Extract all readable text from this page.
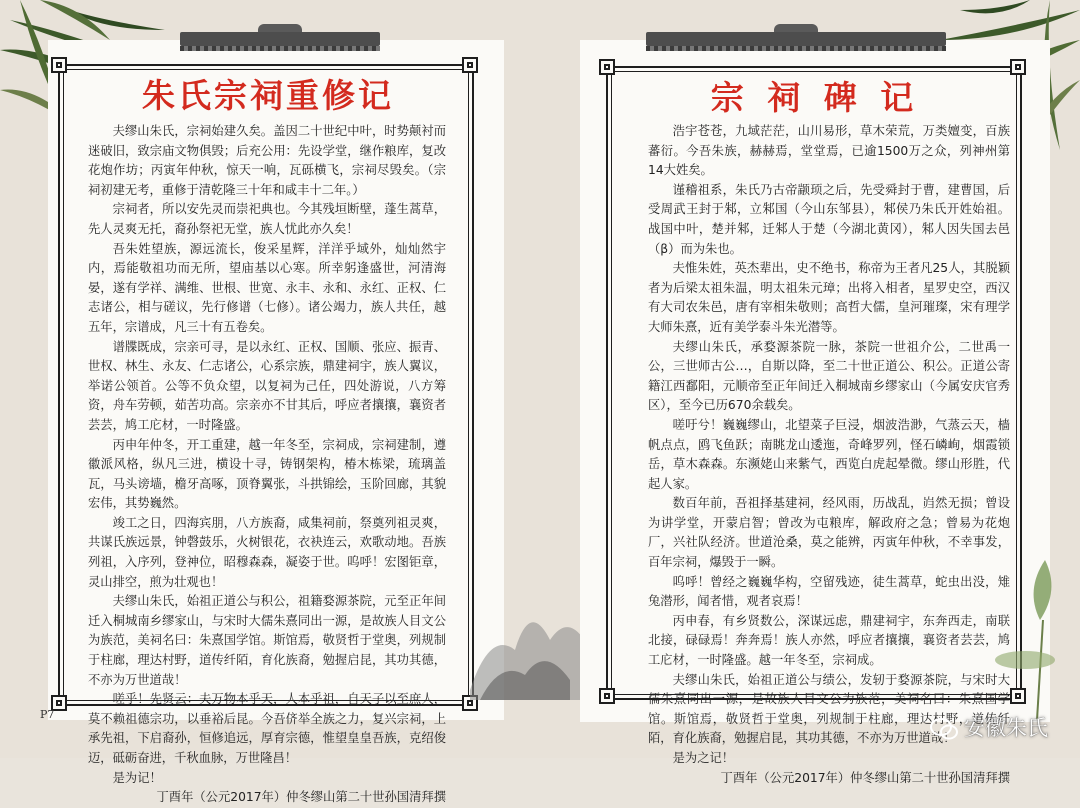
朱氏宗祠重修记

夫缪山朱氏，宗祠始建久矣。盖因二十世纪中叶，时势颠衬而迷破旧，致宗庙文物俱毁；后充公用：先设学堂，继作粮库，复改花炮作坊；丙寅年仲秋，惊天一响，瓦砾横飞，宗祠尽毁矣。（宗祠初建无考，重修于清乾隆三十年和咸丰十二年。）

宗祠者，所以安先灵而崇祀典也。今其残垣断壁，蓬生蒿草，先人灵爽无托，裔孙祭祀无堂，族人忧此亦久矣！

吾朱姓望族，源远流长，俊采星辉，洋洋乎域外，灿灿然宇内，焉能敬祖功而无所，望庙基以心寒。所幸躬逢盛世，河清海晏，遂有学祥、满维、世根、世宽、永丰、永和、永红、正权、仁志诸公，相与磋议，先行修谱（七修）。诸公竭力，族人共任，越五年，宗谱成，凡三十有五卷矣。

谱牒既成，宗亲可寻，是以永红、正权、国顺、张应、振青、世权、林生、永友、仁志诸公，心系宗族，鼎建祠宇，族人翼议，举诺公领首。公等不负众望，以复祠为己任，四处游说，八方筹资，舟车劳顿，茹苦功高。宗亲亦不甘其后，呼应者攘攘，襄资者芸芸，鸠工庀材，一时隆盛。

丙申年仲冬，开工重建，越一年冬至，宗祠成，宗祠建制，遵徽派风格，纵凡三进，横设十寻，铸钢架构，椿木栋梁，琉璃盖瓦，马头谤墙，檐牙高啄，顶脊翼张，斗拱锦绘，玉阶回廊，其貌宏伟，其势巍然。

竣工之日，四海宾朋，八方族裔，咸集祠前，祭奠列祖灵爽，共谋氏族远景，钟磬鼓乐，火树银花，衣袂连云，欢歌动地。吾族列祖，入序列，登神位，昭穆森森，凝姿于世。呜呼！宏图钜章，灵山排空，煎为壮观也！

夫缪山朱氏，始祖正道公与积公，祖籍婺源茶院，元至正年间迁入桐城南乡缪家山，与宋时大儒朱熹同出一源，是故族人目文公为族范，美祠名曰：朱熹国学馆。斯馆焉，敬贤哲于堂奥，列规制于柱廊，理达村野，道传纤陌，育化族裔，勉握启昆，其功其德，不亦为万世道哉！

嗟乎！先贤云：夫万物本乎天，人本乎祖，自天子以至庶人，莫不赖祖德宗功，以垂裕后昆。今吾侪举全族之力，复兴宗祠，上承先祖，下启裔孙，恒修追远，厚育宗德，惟望皇皇吾族，克绍俊迈，砥砺奋进，千秋血脉，万世隆昌！

是为记！

丁酉年（公元2017年）仲冬缪山第二十世孙国清拜撰

P7
宗 祠 碑 记

浩宇苍苍，九域茫茫，山川易形，草木荣荒，万类嬗变，百族蕃衍。今吾朱族，赫赫焉，堂堂焉，已逾1500万之众，列神州第14大姓矣。

谨稽祖系，朱氏乃古帝颛顼之后，先受舜封于曹，建曹国，后受周武王封于邾，立邾国（今山东邹县），邾侯乃朱氏开姓始祖。战国中叶，楚并邾，迁邾人于楚（今湖北黄冈），邾人因失国去邑（β）而为朱也。

夫惟朱姓，英杰辈出，史不绝书，称帝为王者凡25人，其脱颖者为后梁太祖朱温，明太祖朱元璋；出将入相者，星罗史空，西汉有大司农朱邑，唐有宰相朱敬则；高哲大儒，皇河璀璨，宋有理学大师朱熹，近有美学泰斗朱光潜等。

夫缪山朱氏，承婺源茶院一脉，茶院一世祖介公，二世禹一公，三世师古公…，自斯以降，至二十世正道公、积公。正道公寄籍江西鄱阳，元顺帝至正年间迁入桐城南乡缪家山（今属安庆官秀区），至今已历670余载矣。

嗟吁兮！巍巍缪山，北望菜子巨浸，烟波浩渺，气蒸云天，樯帆点点，鸥飞鱼跃；南眺龙山逶迤，奇峰罗列，怪石嶙峋，烟霞锁岳，草木森森。东濒姥山来紫气，西览白虎起晕微。缪山形胜，代起人家。

数百年前，吾祖择基建祠，经风雨，历战乱，岿然无损；曾设为讲学堂，开蒙启智；曾改为屯粮库，解政府之急；曾易为花炮厂，兴社队经济。世道沧桑，莫之能辨，丙寅年仲秋，不幸事发，百年宗祠，爆毁于一瞬。

呜呼！曾经之巍巍华构，空留残迹，徒生蒿草，蛇虫出没，雉兔潜形，闻者惜，观者哀焉！

丙申春，有乡贤数公，深谋远虑，鼎建祠宇，东奔西走，南联北接，碌碌焉！奔奔焉！族人亦然，呼应者攘攘，襄资者芸芸，鸠工庀材，一时隆盛。越一年冬至，宗祠成。

夫缪山朱氏，始祖正道公与绩公，发轫于婺源茶院，与宋时大儒朱熹同出一源，是故族人目文公为族范，美祠名曰：朱熹国学馆。斯馆焉，敬贤哲于堂奥，列规制于柱廊，理达村野，道传纤陌，育化族裔，勉握启昆，其功其德，不亦为万世道哉！

是为之记！

丁酉年（公元2017年）仲冬缪山第二十世孙国清拜撰

安徽朱氏
